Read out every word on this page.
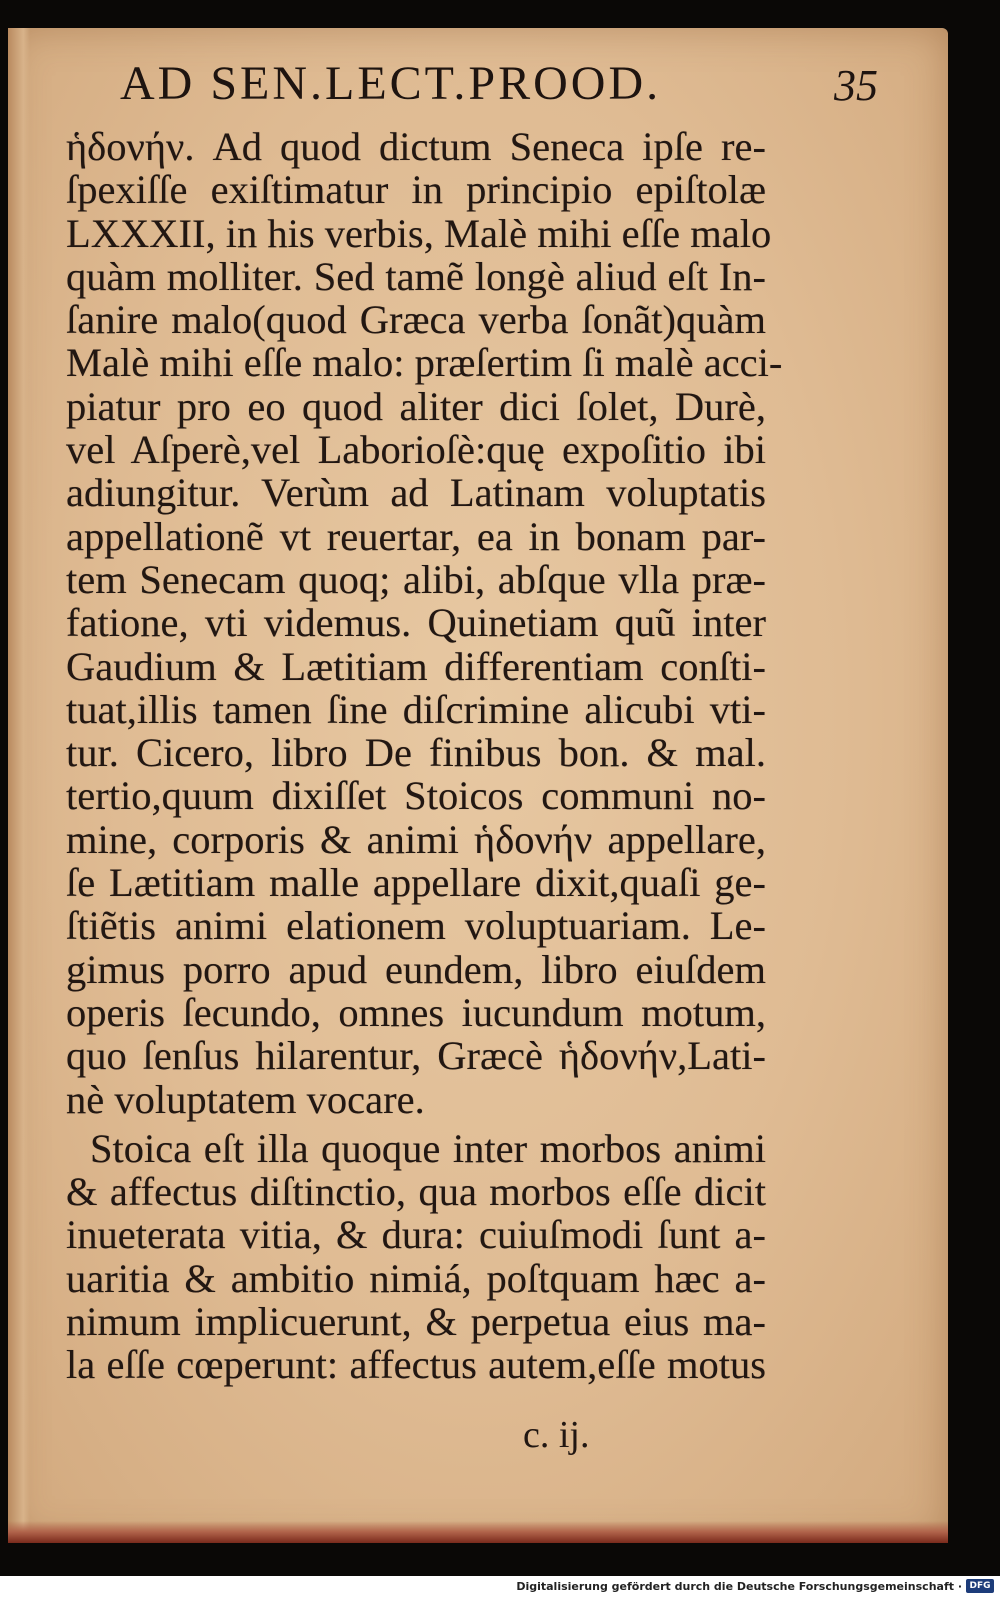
AD SEN.LECT.PROOD.	35
ἡδονήν. Ad quod dictum Seneca ipſe re-
ſpexiſſe exiſtimatur in principio epiſtolæ
LXXXII, in his verbis, Malè mihi eſſe malo
quàm molliter. Sed tamẽ longè aliud eſt In-
ſanire malo(quod Græca verba ſonãt)quàm
Malè mihi eſſe malo: præſertim ſi malè acci-
piatur pro eo quod aliter dici ſolet, Durè,
vel Aſperè,vel Laborioſè:quę expoſitio ibi
adiungitur. Verùm ad Latinam voluptatis
appellationẽ vt reuertar, ea in bonam par-
tem Senecam quoq; alibi, abſque vlla præ-
fatione, vti videmus. Quinetiam quũ inter
Gaudium & Lætitiam differentiam conſti-
tuat,illis tamen ſine diſcrimine alicubi vti-
tur. Cicero, libro De finibus bon. & mal.
tertio,quum dixiſſet Stoicos communi no-
mine, corporis & animi ἡδονήν appellare,
ſe Lætitiam malle appellare dixit,quaſi ge-
ſtiẽtis animi elationem voluptuariam. Le-
gimus porro apud eundem, libro eiuſdem
operis ſecundo, omnes iucundum motum,
quo ſenſus hilarentur, Græcè ἡδονήν,Lati-
nè voluptatem vocare.
Stoica eſt illa quoque inter morbos animi
& affectus diſtinctio, qua morbos eſſe dicit
inueterata vitia, & dura: cuiuſmodi ſunt a-
uaritia & ambitio nimiá, poſtquam hæc a-
nimum implicuerunt, & perpetua eius ma-
la eſſe cœperunt: affectus autem,eſſe motus
c. ij.
Digitalisierung gefördert durch die Deutsche Forschungsgemeinschaft · DFG
